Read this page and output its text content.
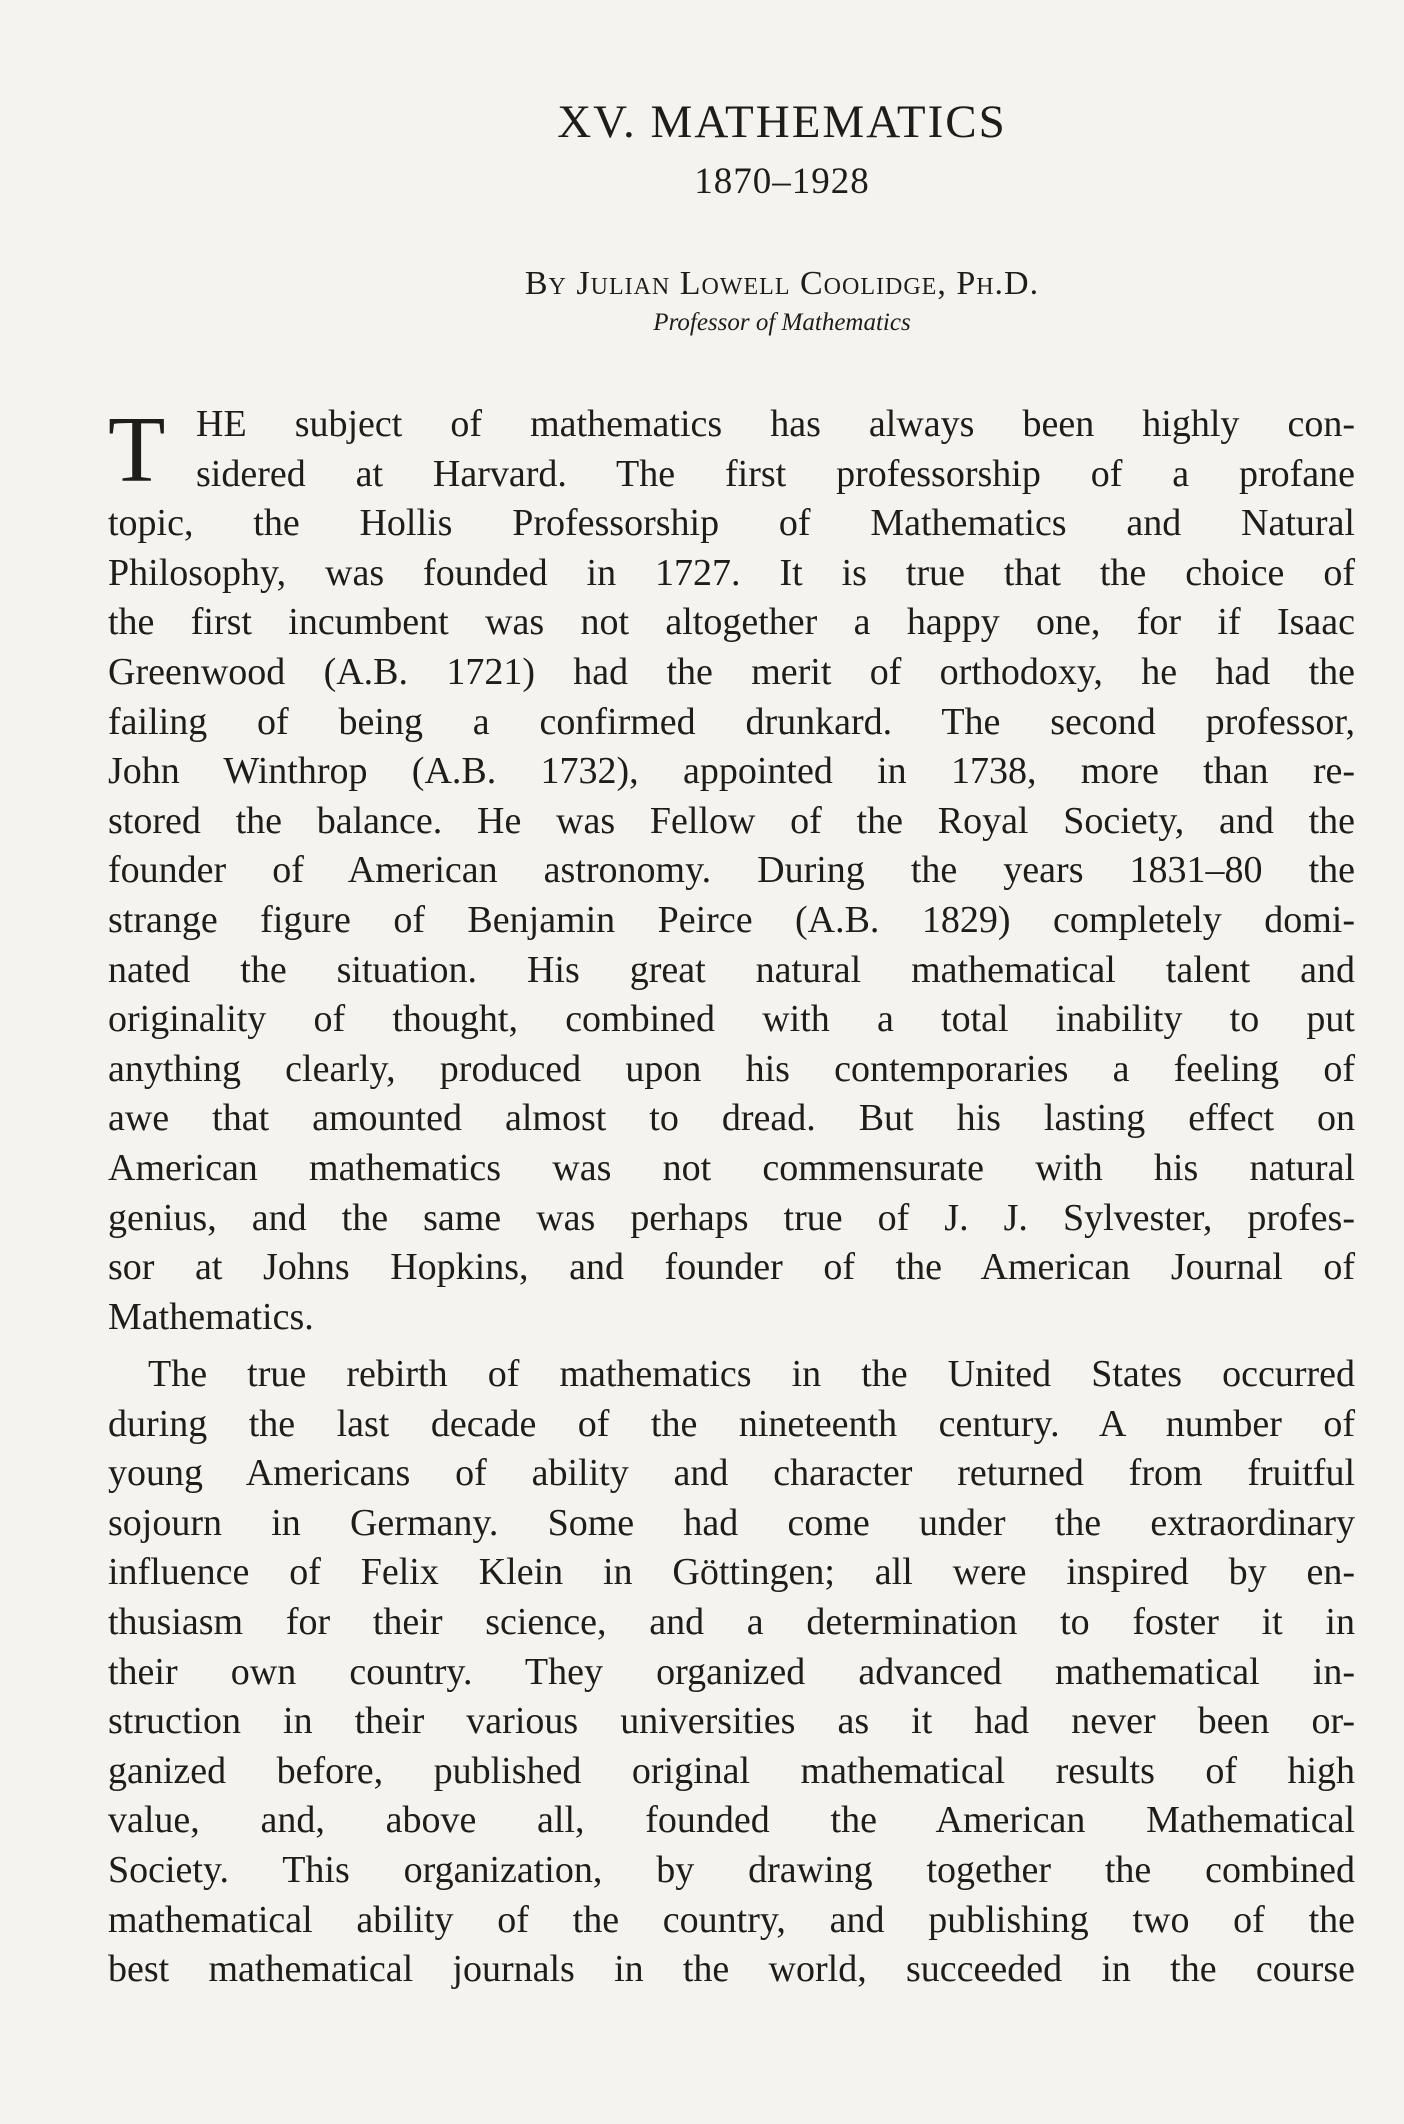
XV. MATHEMATICS
1870–1928
By Julian Lowell Coolidge, Ph.D.
Professor of Mathematics
T HE subject of mathematics has always been highly con-
sidered at Harvard. The first professorship of a profane
topic, the Hollis Professorship of Mathematics and Natural
Philosophy, was founded in 1727. It is true that the choice of
the first incumbent was not altogether a happy one, for if Isaac
Greenwood (A.B. 1721) had the merit of orthodoxy, he had the
failing of being a confirmed drunkard. The second professor,
John Winthrop (A.B. 1732), appointed in 1738, more than re-
stored the balance. He was Fellow of the Royal Society, and the
founder of American astronomy. During the years 1831–80 the
strange figure of Benjamin Peirce (A.B. 1829) completely domi-
nated the situation. His great natural mathematical talent and
originality of thought, combined with a total inability to put
anything clearly, produced upon his contemporaries a feeling of
awe that amounted almost to dread. But his lasting effect on
American mathematics was not commensurate with his natural
genius, and the same was perhaps true of J. J. Sylvester, profes-
sor at Johns Hopkins, and founder of the American Journal of
Mathematics.
The true rebirth of mathematics in the United States occurred
during the last decade of the nineteenth century. A number of
young Americans of ability and character returned from fruitful
sojourn in Germany. Some had come under the extraordinary
influence of Felix Klein in Göttingen; all were inspired by en-
thusiasm for their science, and a determination to foster it in
their own country. They organized advanced mathematical in-
struction in their various universities as it had never been or-
ganized before, published original mathematical results of high
value, and, above all, founded the American Mathematical
Society. This organization, by drawing together the combined
mathematical ability of the country, and publishing two of the
best mathematical journals in the world, succeeded in the course
